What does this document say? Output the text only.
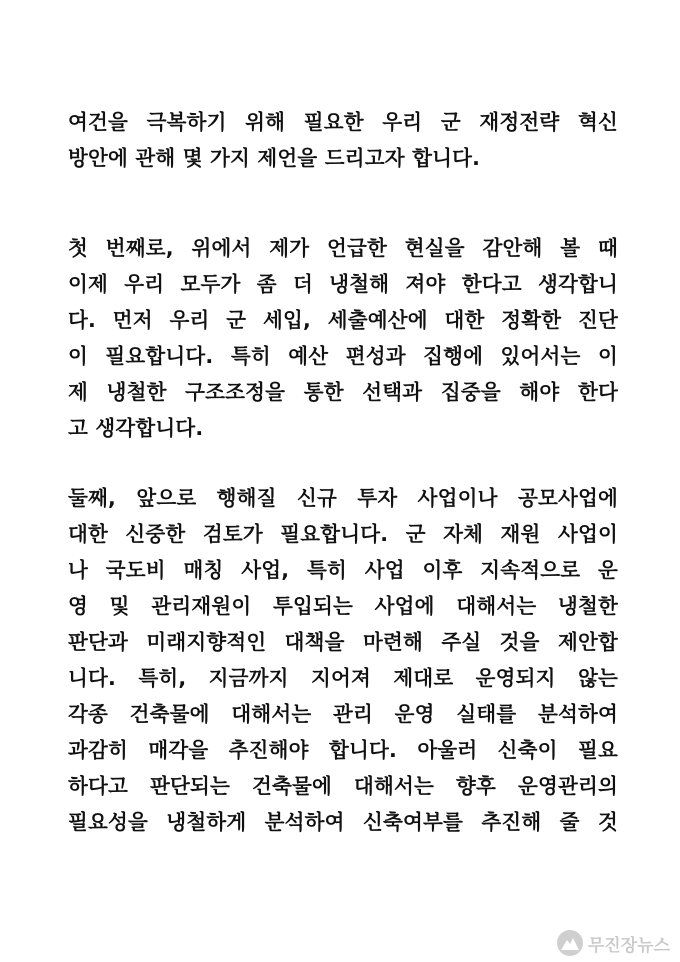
여건을 극복하기 위해 필요한 우리 군 재정전략 혁신
방안에 관해 몇 가지 제언을 드리고자 합니다.
첫 번째로, 위에서 제가 언급한 현실을 감안해 볼 때
이제 우리 모두가 좀 더 냉철해 져야 한다고 생각합니
다. 먼저 우리 군 세입, 세출예산에 대한 정확한 진단
이 필요합니다. 특히 예산 편성과 집행에 있어서는 이
제 냉철한 구조조정을 통한 선택과 집중을 해야 한다
고 생각합니다.
둘째, 앞으로 행해질 신규 투자 사업이나 공모사업에
대한 신중한 검토가 필요합니다. 군 자체 재원 사업이
나 국도비 매칭 사업, 특히 사업 이후 지속적으로 운
영 및 관리재원이 투입되는 사업에 대해서는 냉철한
판단과 미래지향적인 대책을 마련해 주실 것을 제안합
니다. 특히, 지금까지 지어져 제대로 운영되지 않는
각종 건축물에 대해서는 관리 운영 실태를 분석하여
과감히 매각을 추진해야 합니다. 아울러 신축이 필요
하다고 판단되는 건축물에 대해서는 향후 운영관리의
필요성을 냉철하게 분석하여 신축여부를 추진해 줄 것
무진장뉴스
